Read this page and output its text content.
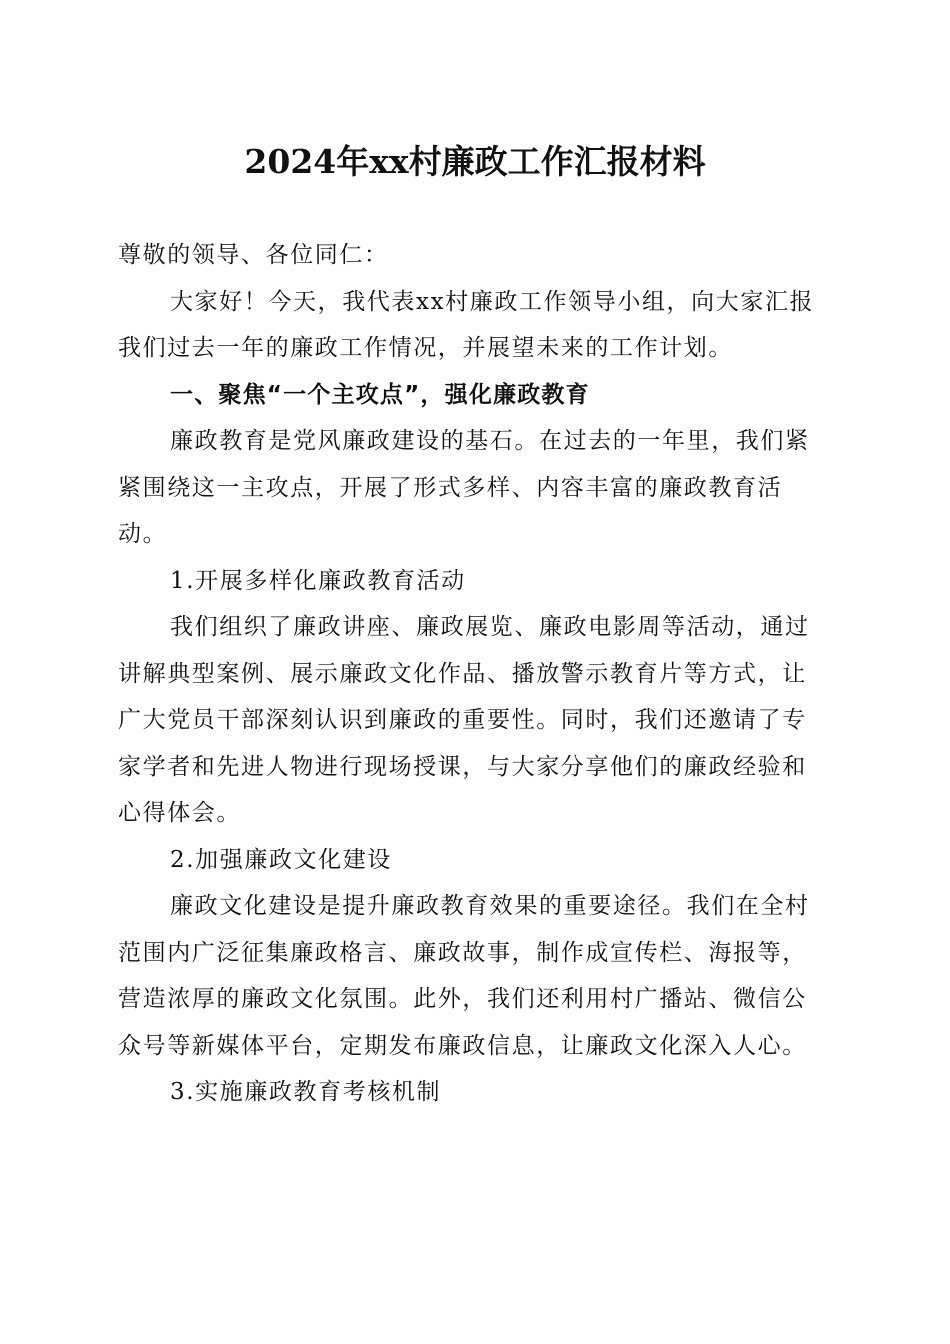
2024年xx村廉政工作汇报材料

尊敬的领导、各位同仁：

大家好！今天，我代表xx村廉政工作领导小组，向大家汇报我们过去一年的廉政工作情况，并展望未来的工作计划。

一、聚焦“一个主攻点”，强化廉政教育

廉政教育是党风廉政建设的基石。在过去的一年里，我们紧紧围绕这一主攻点，开展了形式多样、内容丰富的廉政教育活动。

1.开展多样化廉政教育活动

我们组织了廉政讲座、廉政展览、廉政电影周等活动，通过讲解典型案例、展示廉政文化作品、播放警示教育片等方式，让广大党员干部深刻认识到廉政的重要性。同时，我们还邀请了专家学者和先进人物进行现场授课，与大家分享他们的廉政经验和心得体会。

2.加强廉政文化建设

廉政文化建设是提升廉政教育效果的重要途径。我们在全村范围内广泛征集廉政格言、廉政故事，制作成宣传栏、海报等，营造浓厚的廉政文化氛围。此外，我们还利用村广播站、微信公众号等新媒体平台，定期发布廉政信息，让廉政文化深入人心。

3.实施廉政教育考核机制
